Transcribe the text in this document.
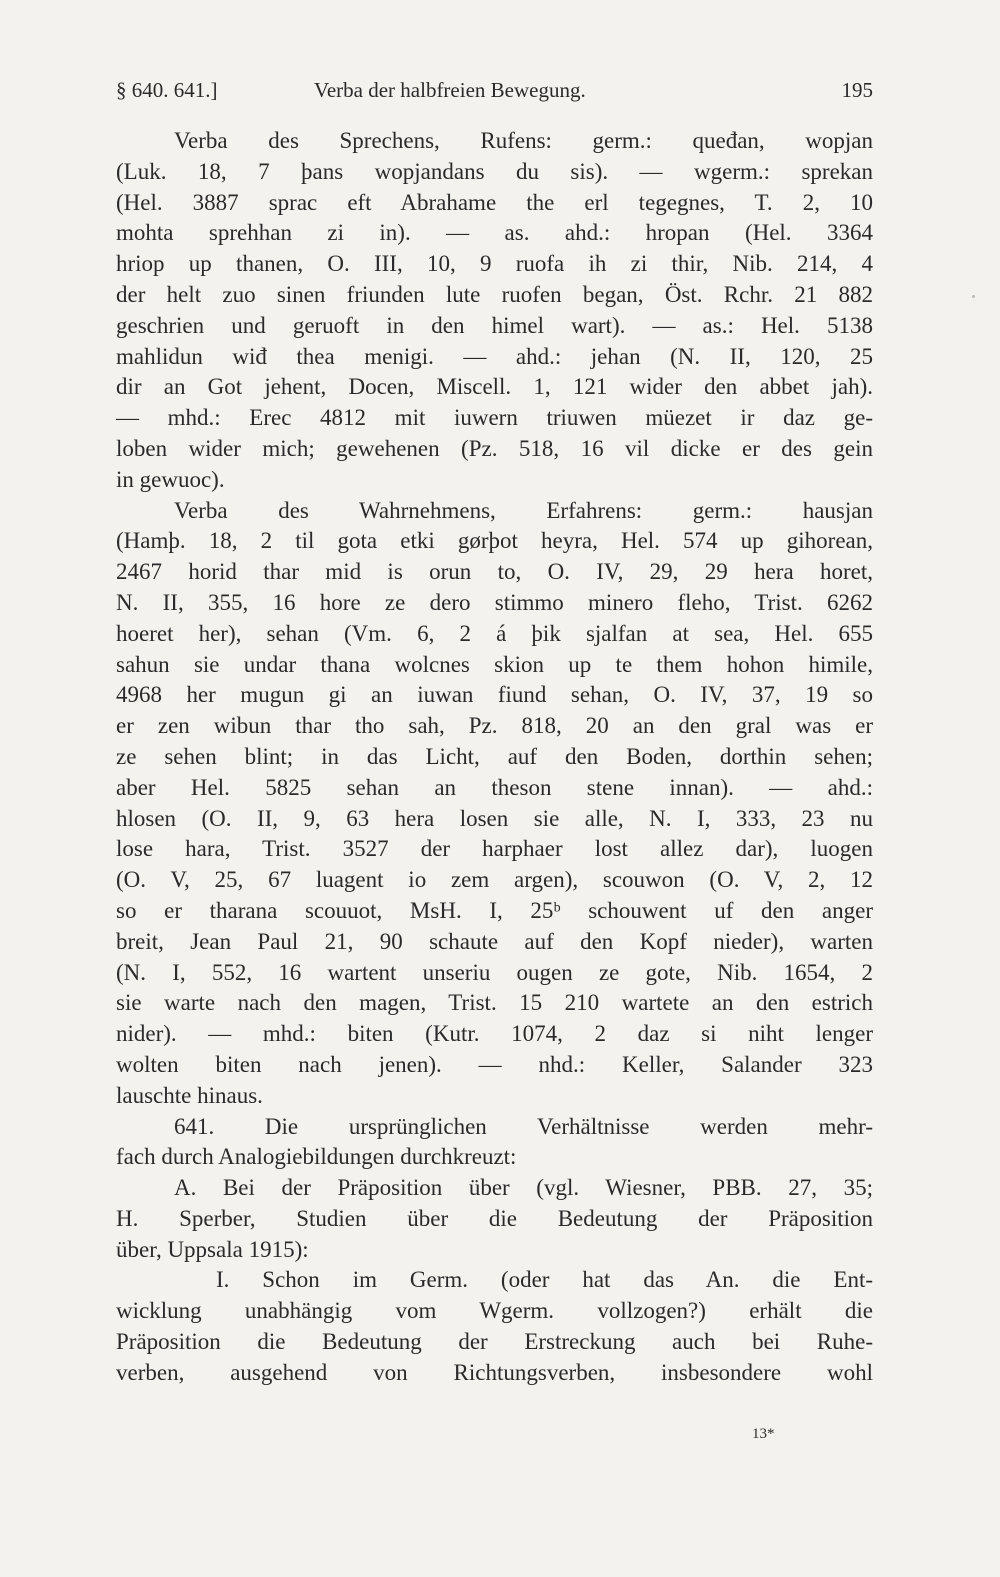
§ 640. 641.]	Verba der halbfreien Bewegung.	195
Verba des Sprechens, Rufens: germ.: queđan, wopjan
(Luk. 18, 7 þans wopjandans du sis). — wgerm.: sprekan
(Hel. 3887 sprac eft Abrahame the erl tegegnes, T. 2, 10
mohta sprehhan zi in). — as. ahd.: hropan (Hel. 3364
hriop up thanen, O. III, 10, 9 ruofa ih zi thir, Nib. 214, 4
der helt zuo sinen friunden lute ruofen began, Öst. Rchr. 21 882
geschrien und geruoft in den himel wart). — as.: Hel. 5138
mahlidun wiđ thea menigi. — ahd.: jehan (N. II, 120, 25
dir an Got jehent, Docen, Miscell. 1, 121 wider den abbet jah).
— mhd.: Erec 4812 mit iuwern triuwen müezet ir daz ge-
loben wider mich; gewehenen (Pz. 518, 16 vil dicke er des gein
in gewuoc).
Verba des Wahrnehmens, Erfahrens: germ.: hausjan
(Hamþ. 18, 2 til gota etki gørþot heyra, Hel. 574 up gihorean,
2467 horid thar mid is orun to, O. IV, 29, 29 hera horet,
N. II, 355, 16 hore ze dero stimmo minero fleho, Trist. 6262
hoeret her), sehan (Vm. 6, 2 á þik sjalfan at sea, Hel. 655
sahun sie undar thana wolcnes skion up te them hohon himile,
4968 her mugun gi an iuwan fiund sehan, O. IV, 37, 19 so
er zen wibun thar tho sah, Pz. 818, 20 an den gral was er
ze sehen blint; in das Licht, auf den Boden, dorthin sehen;
aber Hel. 5825 sehan an theson stene innan). — ahd.:
hlosen (O. II, 9, 63 hera losen sie alle, N. I, 333, 23 nu
lose hara, Trist. 3527 der harphaer lost allez dar), luogen
(O. V, 25, 67 luagent io zem argen), scouwon (O. V, 2, 12
so er tharana scouuot, MsH. I, 25ᵇ schouwent uf den anger
breit, Jean Paul 21, 90 schaute auf den Kopf nieder), warten
(N. I, 552, 16 wartent unseriu ougen ze gote, Nib. 1654, 2
sie warte nach den magen, Trist. 15 210 wartete an den estrich
nider). — mhd.: biten (Kutr. 1074, 2 daz si niht lenger
wolten biten nach jenen). — nhd.: Keller, Salander 323
lauschte hinaus.
641. Die ursprünglichen Verhältnisse werden mehr-
fach durch Analogiebildungen durchkreuzt:
A. Bei der Präposition über (vgl. Wiesner, PBB. 27, 35;
H. Sperber, Studien über die Bedeutung der Präposition
über, Uppsala 1915):
I. Schon im Germ. (oder hat das An. die Ent-
wicklung unabhängig vom Wgerm. vollzogen?) erhält die
Präposition die Bedeutung der Erstreckung auch bei Ruhe-
verben, ausgehend von Richtungsverben, insbesondere wohl
13*
